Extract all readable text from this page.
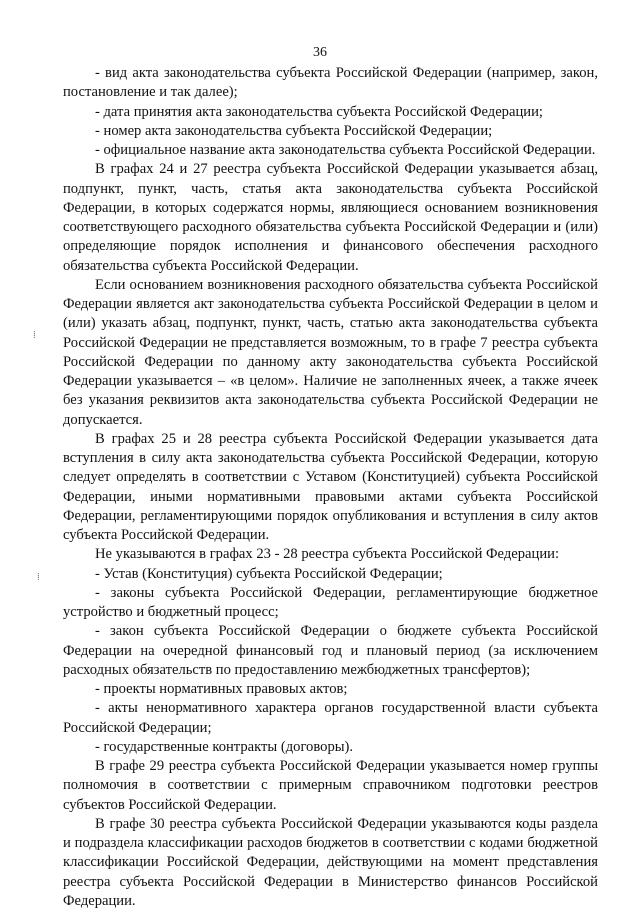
36

- вид акта законодательства субъекта Российской Федерации (например, закон, постановление и так далее);

- дата принятия акта законодательства субъекта Российской Федерации;

- номер акта законодательства субъекта Российской Федерации;

- официальное название акта законодательства субъекта Российской Федерации.

В графах 24 и 27 реестра субъекта Российской Федерации указывается абзац, подпункт, пункт, часть, статья акта законодательства субъекта Российской Федерации, в которых содержатся нормы, являющиеся основанием возникновения соответствующего расходного обязательства субъекта Российской Федерации и (или) определяющие порядок исполнения и финансового обеспечения расходного обязательства субъекта Российской Федерации.

Если основанием возникновения расходного обязательства субъекта Российской Федерации является акт законодательства субъекта Российской Федерации в целом и (или) указать абзац, подпункт, пункт, часть, статью акта законодательства субъекта Российской Федерации не представляется возможным, то в графе 7 реестра субъекта Российской Федерации по данному акту законодательства субъекта Российской Федерации указывается – «в целом». Наличие не заполненных ячеек, а также ячеек без указания реквизитов акта законодательства субъекта Российской Федерации не допускается.

В графах 25 и 28 реестра субъекта Российской Федерации указывается дата вступления в силу акта законодательства субъекта Российской Федерации, которую следует определять в соответствии с Уставом (Конституцией) субъекта Российской Федерации, иными нормативными правовыми актами субъекта Российской Федерации, регламентирующими порядок опубликования и вступления в силу актов субъекта Российской Федерации.

Не указываются в графах 23 - 28 реестра субъекта Российской Федерации:

- Устав (Конституция) субъекта Российской Федерации;

- законы субъекта Российской Федерации, регламентирующие бюджетное устройство и бюджетный процесс;

- закон субъекта Российской Федерации о бюджете субъекта Российской Федерации на очередной финансовый год и плановый период (за исключением расходных обязательств по предоставлению межбюджетных трансфертов);

- проекты нормативных правовых актов;

- акты ненормативного характера органов государственной власти субъекта Российской Федерации;

- государственные контракты (договоры).

В графе 29 реестра субъекта Российской Федерации указывается номер группы полномочия в соответствии с примерным справочником подготовки реестров субъектов Российской Федерации.

В графе 30 реестра субъекта Российской Федерации указываются коды раздела и подраздела классификации расходов бюджетов в соответствии с кодами бюджетной классификации Российской Федерации, действующими на момент представления реестра субъекта Российской Федерации в Министерство финансов Российской Федерации.

⁞
⁞
